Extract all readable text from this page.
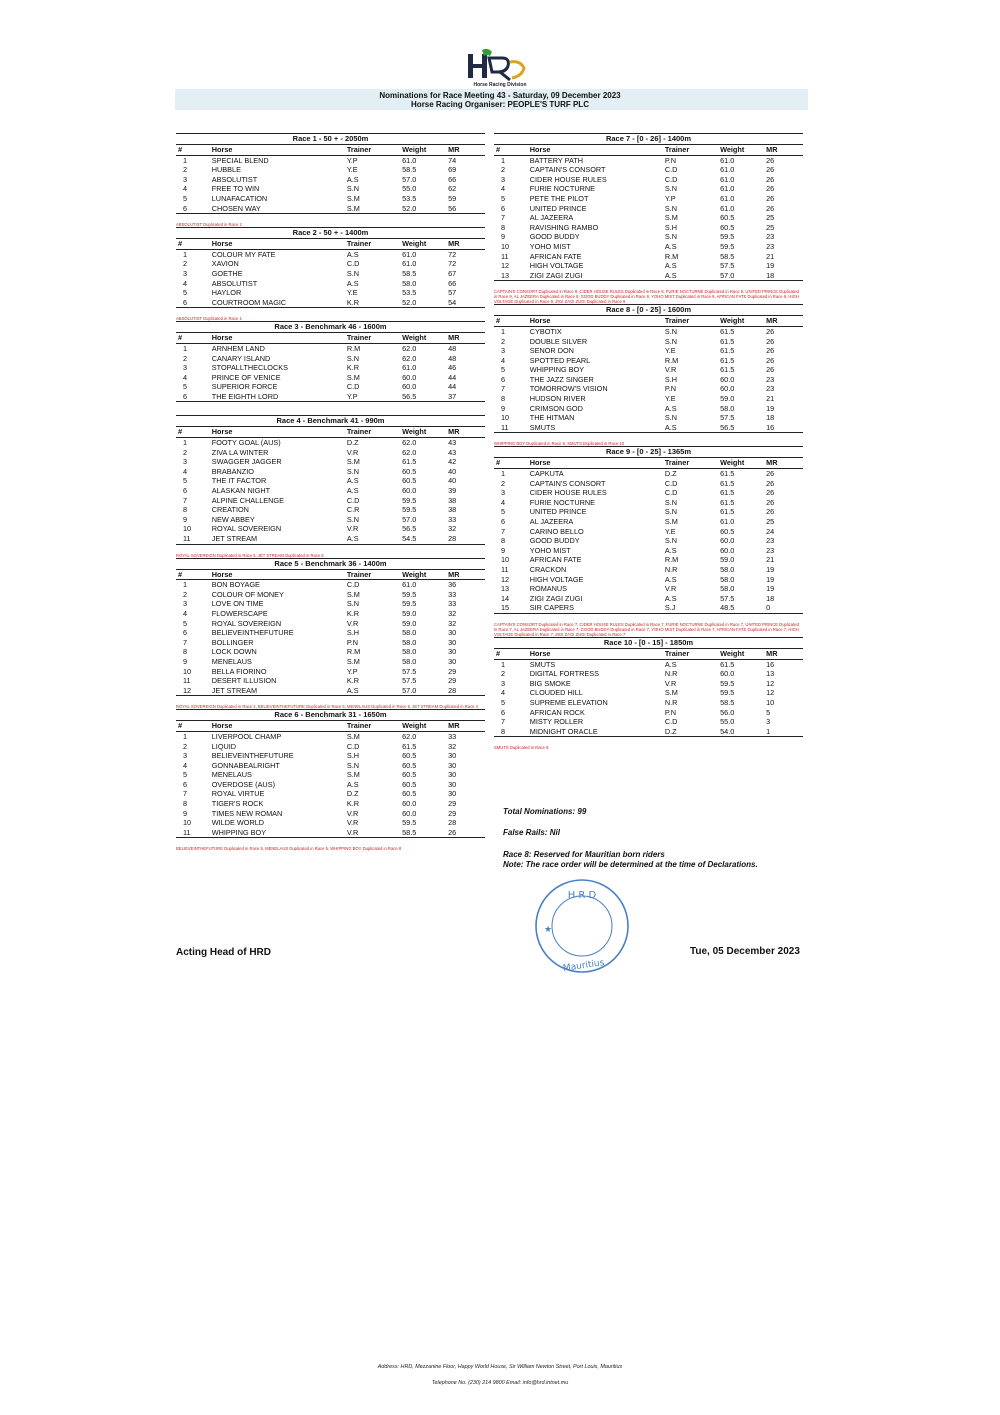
Horse Racing Division
Nominations for Race Meeting 43 - Saturday, 09 December 2023
Horse Racing Organiser: PEOPLE'S TURF PLC
Race 1 - 50 + - 2050m
#	Horse	Trainer	Weight	MR
1	SPECIAL BLEND	Y.P	61.0	74
2	HUBBLE	Y.E	58.5	69
3	ABSOLUTIST	A.S	57.0	66
4	FREE TO WIN	S.N	55.0	62
5	LUNAFACATION	S.M	53.5	59
6	CHOSEN WAY	S.M	52.0	56
ABSOLUTIST Duplicated in Race 2
Race 2 - 50 + - 1400m
#	Horse	Trainer	Weight	MR
1	COLOUR MY FATE	A.S	61.0	72
2	XAVION	C.D	61.0	72
3	GOETHE	S.N	58.5	67
4	ABSOLUTIST	A.S	58.0	66
5	HAYLOR	Y.E	53.5	57
6	COURTROOM MAGIC	K.R	52.0	54
ABSOLUTIST Duplicated in Race 1
Race 3 - Benchmark 46 - 1600m
#	Horse	Trainer	Weight	MR
1	ARNHEM LAND	R.M	62.0	48
2	CANARY ISLAND	S.N	62.0	48
3	STOPALLTHECLOCKS	K.R	61.0	46
4	PRINCE OF VENICE	S.M	60.0	44
5	SUPERIOR FORCE	C.D	60.0	44
6	THE EIGHTH LORD	Y.P	56.5	37
Race 4 - Benchmark 41 - 990m
#	Horse	Trainer	Weight	MR
1	FOOTY GOAL (AUS)	D.Z	62.0	43
2	ZIVA LA WINTER	V.R	62.0	43
3	SWAGGER JAGGER	S.M	61.5	42
4	BRABANZIO	S.N	60.5	40
5	THE IT FACTOR	A.S	60.5	40
6	ALASKAN NIGHT	A.S	60.0	39
7	ALPINE CHALLENGE	C.D	59.5	38
8	CREATION	C.R	59.5	38
9	NEW ABBEY	S.N	57.0	33
10	ROYAL SOVEREIGN	V.R	56.5	32
11	JET STREAM	A.S	54.5	28
ROYAL SOVEREIGN Duplicated in Race 5, JET STREAM Duplicated in Race 5
Race 5 - Benchmark 36 - 1400m
#	Horse	Trainer	Weight	MR
1	BON BOYAGE	C.D	61.0	36
2	COLOUR OF MONEY	S.M	59.5	33
3	LOVE ON TIME	S.N	59.5	33
4	FLOWERSCAPE	K.R	59.0	32
5	ROYAL SOVEREIGN	V.R	59.0	32
6	BELIEVEINTHEFUTURE	S.H	58.0	30
7	BOLLINGER	P.N	58.0	30
8	LOCK DOWN	R.M	58.0	30
9	MENELAUS	S.M	58.0	30
10	BELLA FIORINO	Y.P	57.5	29
11	DESERT ILLUSION	K.R	57.5	29
12	JET STREAM	A.S	57.0	28
ROYAL SOVEREIGN Duplicated in Race 4, BELIEVEINTHEFUTURE Duplicated in Race 6, MENELAUS Duplicated in Race 6, JET STREAM Duplicated in Race 4
Race 6 - Benchmark 31 - 1650m
#	Horse	Trainer	Weight	MR
1	LIVERPOOL CHAMP	S.M	62.0	33
2	LIQUID	C.D	61.5	32
3	BELIEVEINTHEFUTURE	S.H	60.5	30
4	GONNABEALRIGHT	S.N	60.5	30
5	MENELAUS	S.M	60.5	30
6	OVERDOSE (AUS)	A.S	60.5	30
7	ROYAL VIRTUE	D.Z	60.5	30
8	TIGER'S ROCK	K.R	60.0	29
9	TIMES NEW ROMAN	V.R	60.0	29
10	WILDE WORLD	V.R	59.5	28
11	WHIPPING BOY	V.R	58.5	26
BELIEVEINTHEFUTURE Duplicated in Race 5, MENELAUS Duplicated in Race 5, WHIPPING BOY Duplicated in Race 8
Race 7 - [0 - 26] - 1400m
#	Horse	Trainer	Weight	MR
1	BATTERY PATH	P.N	61.0	26
2	CAPTAIN'S CONSORT	C.D	61.0	26
3	CIDER HOUSE RULES	C.D	61.0	26
4	FURIE NOCTURNE	S.N	61.0	26
5	PETE THE PILOT	Y.P	61.0	26
6	UNITED PRINCE	S.N	61.0	26
7	AL JAZEERA	S.M	60.5	25
8	RAVISHING RAMBO	S.H	60.5	25
9	GOOD BUDDY	S.N	59.5	23
10	YOHO MIST	A.S	59.5	23
11	AFRICAN FATE	R.M	58.5	21
12	HIGH VOLTAGE	A.S	57.5	19
13	ZIGI ZAGI ZUGI	A.S	57.0	18
CAPTAIN'S CONSORT Duplicated in Race 9, CIDER HOUSE RULES Duplicated in Race 9, FURIE NOCTURNE Duplicated in Race 9, UNITED PRINCE Duplicated in Race 9, AL JAZEERA Duplicated in Race 9, GOOD BUDDY Duplicated in Race 9, YOHO MIST Duplicated in Race 9, AFRICAN FATE Duplicated in Race 9, HIGH VOLTAGE Duplicated in Race 9, ZIGI ZAGI ZUGI Duplicated in Race 9
Race 8 - [0 - 25] - 1600m
#	Horse	Trainer	Weight	MR
1	CYBOTIX	S.N	61.5	26
2	DOUBLE SILVER	S.N	61.5	26
3	SENOR DON	Y.E	61.5	26
4	SPOTTED PEARL	R.M	61.5	26
5	WHIPPING BOY	V.R	61.5	26
6	THE JAZZ SINGER	S.H	60.0	23
7	TOMORROW'S VISION	P.N	60.0	23
8	HUDSON RIVER	Y.E	59.0	21
9	CRIMSON GOD	A.S	58.0	19
10	THE HITMAN	S.N	57.5	18
11	SMUTS	A.S	56.5	16
WHIPPING BOY Duplicated in Race 6, SMUTS Duplicated in Race 10
Race 9 - [0 - 25] - 1365m
#	Horse	Trainer	Weight	MR
1	CAPKUTA	D.Z	61.5	26
2	CAPTAIN'S CONSORT	C.D	61.5	26
3	CIDER HOUSE RULES	C.D	61.5	26
4	FURIE NOCTURNE	S.N	61.5	26
5	UNITED PRINCE	S.N	61.5	26
6	AL JAZEERA	S.M	61.0	25
7	CARINO BELLO	Y.E	60.5	24
8	GOOD BUDDY	S.N	60.0	23
9	YOHO MIST	A.S	60.0	23
10	AFRICAN FATE	R.M	59.0	21
11	CRACKON	N.R	58.0	19
12	HIGH VOLTAGE	A.S	58.0	19
13	ROMANUS	V.R	58.0	19
14	ZIGI ZAGI ZUGI	A.S	57.5	18
15	SIR CAPERS	S.J	48.5	0
CAPTAIN'S CONSORT Duplicated in Race 7, CIDER HOUSE RULES Duplicated in Race 7, FURIE NOCTURNE Duplicated in Race 7, UNITED PRINCE Duplicated in Race 7, AL JAZEERA Duplicated in Race 7, GOOD BUDDY Duplicated in Race 7, YOHO MIST Duplicated in Race 7, AFRICAN FATE Duplicated in Race 7, HIGH VOLTAGE Duplicated in Race 7, ZIGI ZAGI ZUGI Duplicated in Race 7
Race 10 - [0 - 15] - 1850m
#	Horse	Trainer	Weight	MR
1	SMUTS	A.S	61.5	16
2	DIGITAL FORTRESS	N.R	60.0	13
3	BIG SMOKE	V.R	59.5	12
4	CLOUDED HILL	S.M	59.5	12
5	SUPREME ELEVATION	N.R	58.5	10
6	AFRICAN ROCK	P.N	56.0	5
7	MISTY ROLLER	C.D	55.0	3
8	MIDNIGHT ORACLE	D.Z	54.0	1
SMUTS Duplicated in Race 8
Total Nominations: 99
False Rails: Nil
Race 8: Reserved for Mauritian born riders
Note: The race order will be determined at the time of Declarations.
H R D
Mauritius
★
Acting Head of HRD	Tue, 05 December 2023
Address: HRD, Mezzanine Floor, Happy World House, Sir William Newton Street, Port Louis, Mauritius
Telephone No. (230) 214 9800 Email: info@hrd.intnet.mu
